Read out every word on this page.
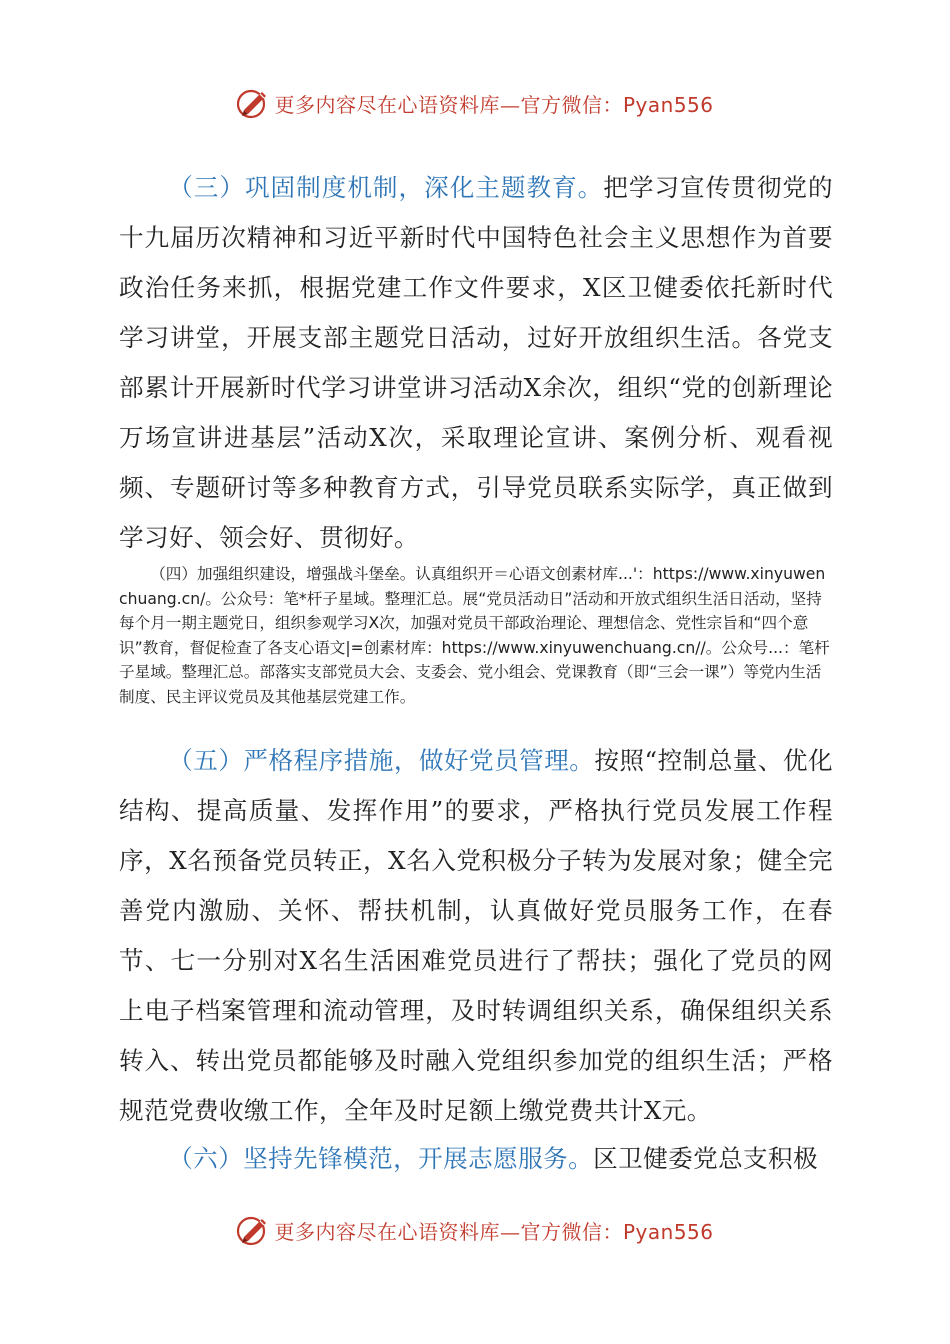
更多内容尽在心语资料库—官方微信：Pyan556

（三）巩固制度机制，深化主题教育。把学习宣传贯彻党的十九届历次精神和习近平新时代中国特色社会主义思想作为首要政治任务来抓，根据党建工作文件要求，X区卫健委依托新时代学习讲堂，开展支部主题党日活动，过好开放组织生活。各党支部累计开展新时代学习讲堂讲习活动X余次，组织“党的创新理论万场宣讲进基层”活动X次，采取理论宣讲、案例分析、观看视频、专题研讨等多种教育方式，引导党员联系实际学，真正做到学习好、领会好、贯彻好。

（四）加强组织建设，增强战斗堡垒。认真组织开＝心语文创素材库...'：https://www.xinyuwenchuang.cn/。公众号：笔*杆子星域。整理汇总。展“党员活动日”活动和开放式组织生活日活动，坚持每个月一期主题党日，组织参观学习X次，加强对党员干部政治理论、理想信念、党性宗旨和“四个意识”教育，督促检查了各支心语文|=创素材库：https://www.xinyuwenchuang.cn//。公众号...：笔杆子星域。整理汇总。部落实支部党员大会、支委会、党小组会、党课教育（即“三会一课”）等党内生活制度、民主评议党员及其他基层党建工作。

（五）严格程序措施，做好党员管理。按照“控制总量、优化结构、提高质量、发挥作用”的要求，严格执行党员发展工作程序，X名预备党员转正，X名入党积极分子转为发展对象；健全完善党内激励、关怀、帮扶机制，认真做好党员服务工作，在春节、七一分别对X名生活困难党员进行了帮扶；强化了党员的网上电子档案管理和流动管理，及时转调组织关系，确保组织关系转入、转出党员都能够及时融入党组织参加党的组织生活；严格规范党费收缴工作，全年及时足额上缴党费共计X元。

（六）坚持先锋模范，开展志愿服务。区卫健委党总支积极

更多内容尽在心语资料库—官方微信：Pyan556
